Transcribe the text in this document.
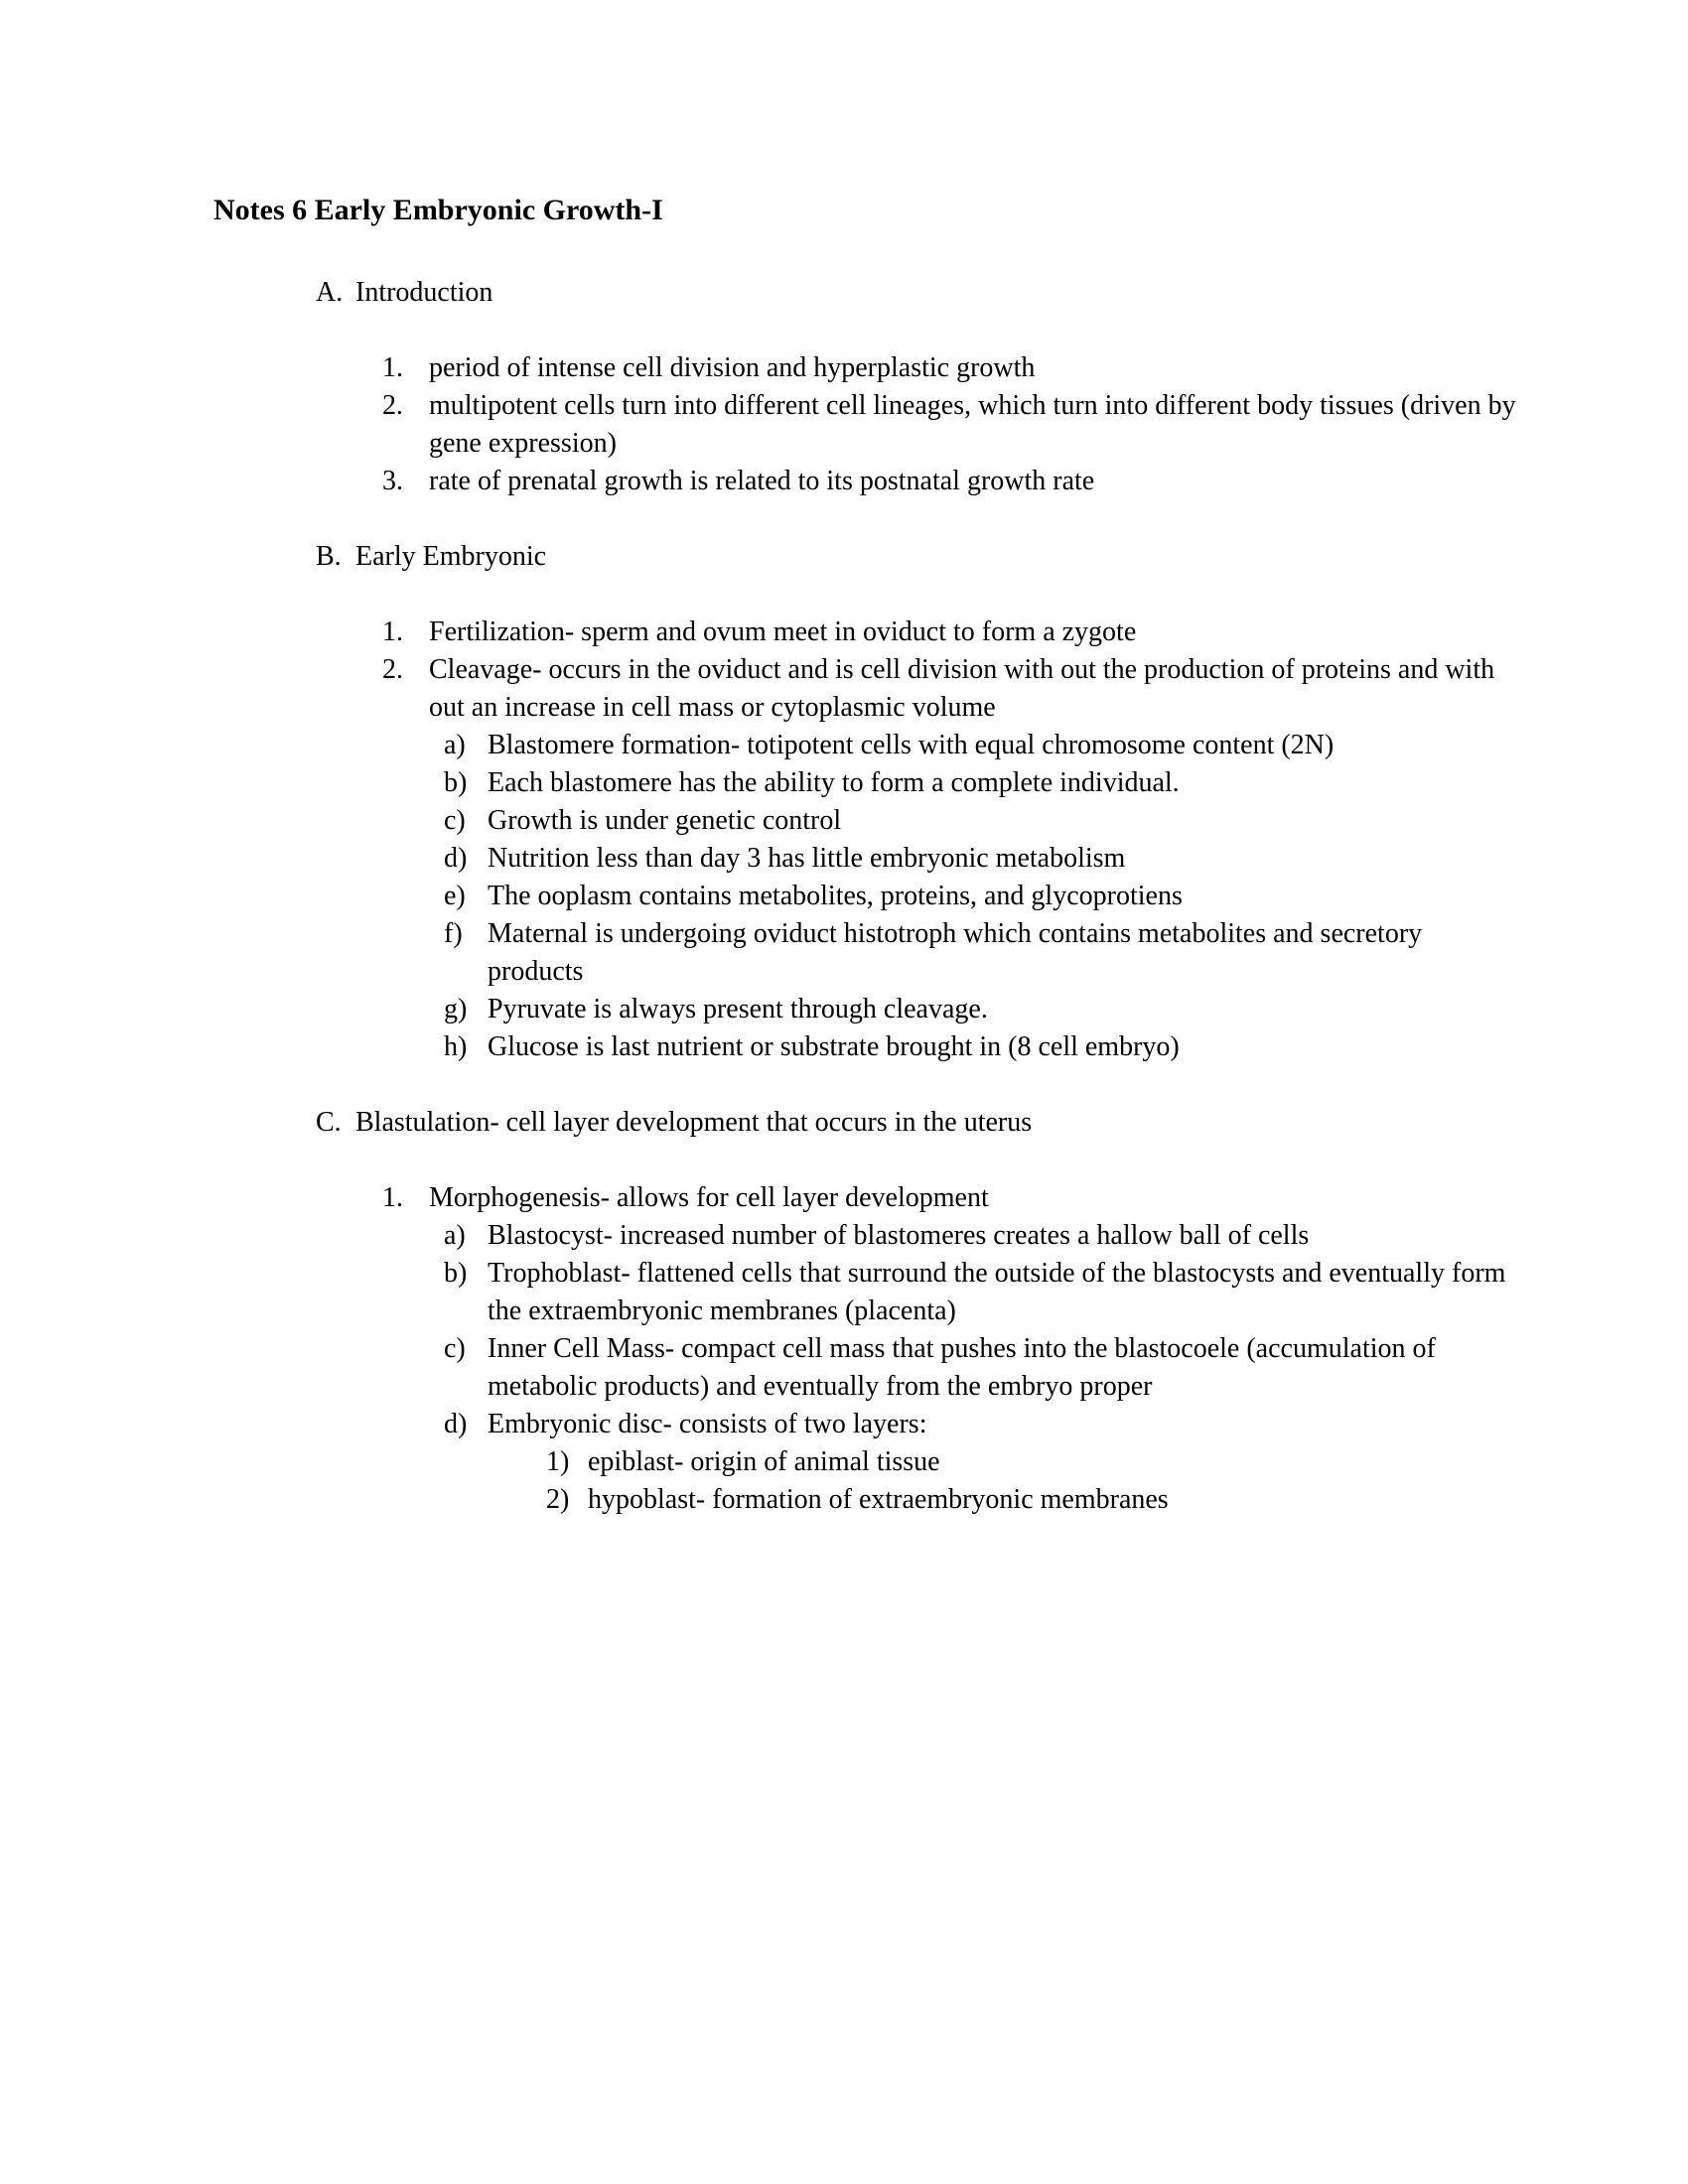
Notes 6 Early Embryonic Growth-I
A. Introduction
1. period of intense cell division and hyperplastic growth
2. multipotent cells turn into different cell lineages, which turn into different body tissues (driven by gene expression)
3. rate of prenatal growth is related to its postnatal growth rate
B. Early Embryonic
1. Fertilization- sperm and ovum meet in oviduct to form a zygote
2. Cleavage- occurs in the oviduct and is cell division with out the production of proteins and with out an increase in cell mass or cytoplasmic volume
a) Blastomere formation- totipotent cells with equal chromosome content (2N)
b) Each blastomere has the ability to form a complete individual.
c) Growth is under genetic control
d) Nutrition less than day 3 has little embryonic metabolism
e) The ooplasm contains metabolites, proteins, and glycoprotiens
f) Maternal is undergoing oviduct histotroph which contains metabolites and secretory products
g) Pyruvate is always present through cleavage.
h) Glucose is last nutrient or substrate brought in (8 cell embryo)
C. Blastulation- cell layer development that occurs in the uterus
1. Morphogenesis- allows for cell layer development
a) Blastocyst- increased number of blastomeres creates a hallow ball of cells
b) Trophoblast- flattened cells that surround the outside of the blastocysts and eventually form the extraembryonic membranes (placenta)
c) Inner Cell Mass- compact cell mass that pushes into the blastocoele (accumulation of metabolic products) and eventually from the embryo proper
d) Embryonic disc- consists of two layers:
1) epiblast- origin of animal tissue
2) hypoblast- formation of extraembryonic membranes
